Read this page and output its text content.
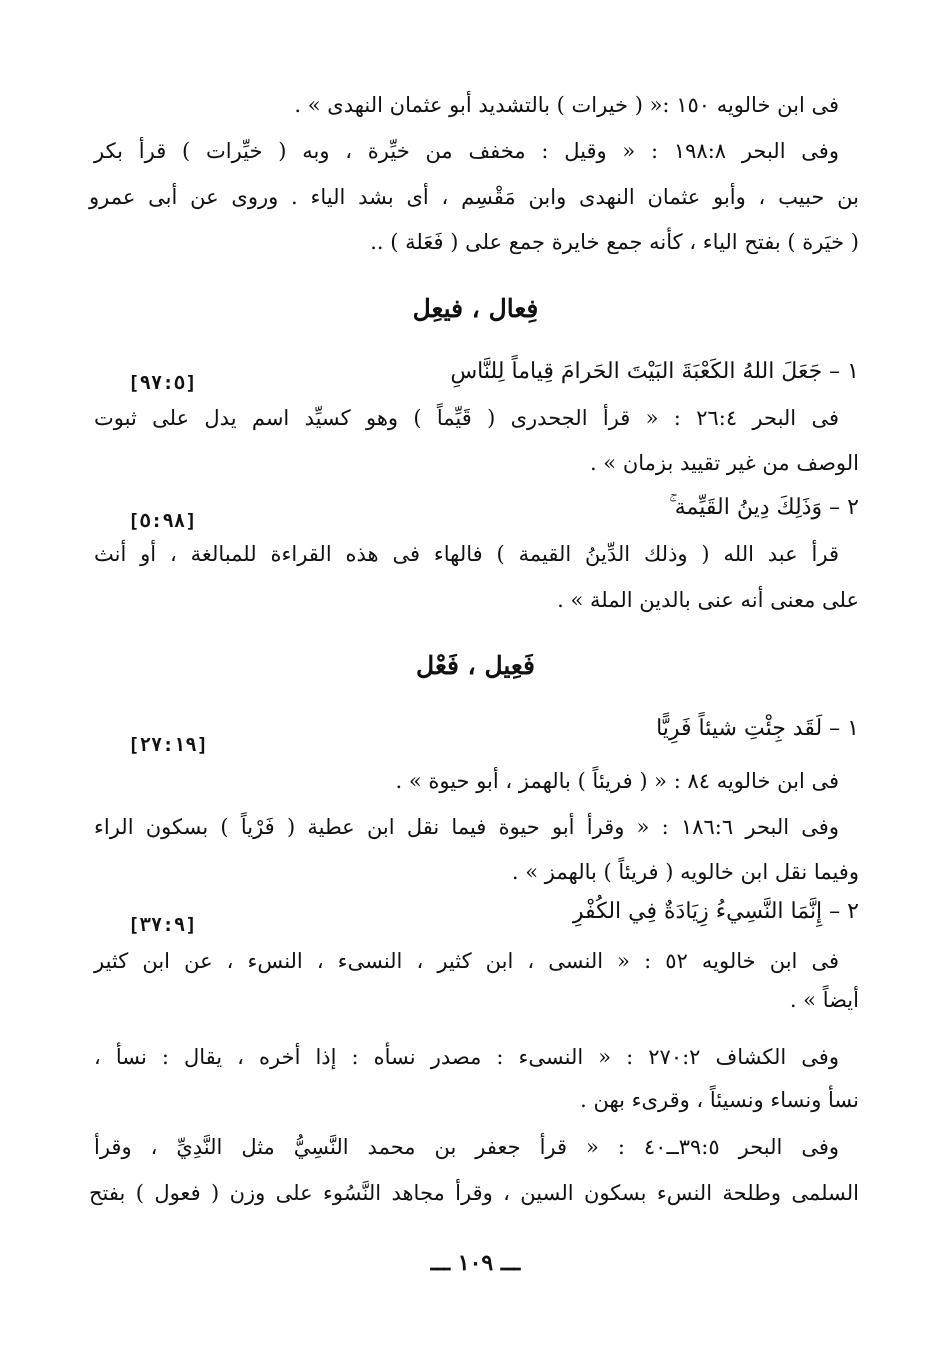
فى ابن خالويه ١٥٠ :« ( خيرات ) بالتشديد أبو عثمان النهدى » .
وفى البحر ١٩٨:٨ : « وقيل : مخفف من خيِّرة ، وبه ( خيِّرات ) قرأ بكر
بن حبيب ، وأبو عثمان النهدى وابن مَقْسِم ، أى بشد الياء . وروى عن أبى عمرو
( خيَرة ) بفتح الياء ، كأنه جمع خايرة جمع على ( فَعَلة ) ..
فِعال ، فيعِل
١ – جَعَلَ اللهُ الكَعْبَةَ البَيْتَ الحَرامَ قِياماً لِلنَّاسِ
[٩٧:٥]
فى البحر ٢٦:٤ : « قرأ الجحدرى ( قَيِّماً ) وهو كسيِّد اسم يدل على ثبوت
الوصف من غير تقييد بزمان » .
٢ – وَذَلِكَ دِينُ القَيِّمة ۚ
[٥:٩٨]
قرأ عبد الله ( وذلك الدِّينُ القيمة ) فالهاء فى هذه القراءة للمبالغة ، أو أنث
على معنى أنه عنى بالدين الملة » .
فَعِيل ، فَعْل
١ – لَقَد جِئْتِ شيئاً فَرِيًّا
[٢٧:١٩]
فى ابن خالويه ٨٤ : « ( فريئاً ) بالهمز ، أبو حيوة » .
وفى البحر ١٨٦:٦ : « وقرأ أبو حيوة فيما نقل ابن عطية ( فَرْياً ) بسكون الراء
وفيما نقل ابن خالويه ( فريئاً ) بالهمز » .
٢ – إِنَّمَا النَّسِيءُ زِيَادَةٌ فِي الكُفْرِ
[٣٧:٩]
فى ابن خالويه ٥٢ : « النسى ، ابن كثير ، النسىء ، النسء ، عن ابن كثير
أيضاً » .
وفى الكشاف ٢٧٠:٢ : « النسىء : مصدر نسأه : إذا أخره ، يقال : نسأ ،
نسأ ونساء ونسيئاً ، وقرىء بهن .
وفى البحر ٣٩:٥ــ٤٠ : « قرأ جعفر بن محمد النَّسِيُّ مثل النَّدِيِّ ، وقرأ
السلمى وطلحة النسء بسكون السين ، وقرأ مجاهد النَّسُوء على وزن ( فعول ) بفتح
ـــ ١٠٩ ـــ
